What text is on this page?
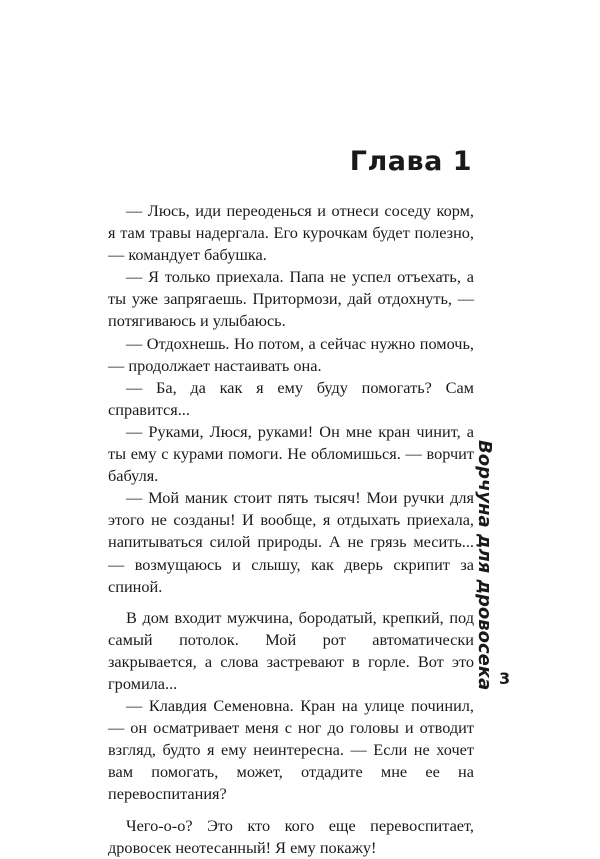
Глава 1

— Люсь, иди переоденься и отнеси соседу корм, я там травы надергала. Его курочкам будет полезно, — командует бабушка.

— Я только приехала. Папа не успел отъехать, а ты уже запрягаешь. Притормози, дай отдохнуть, — потягиваюсь и улыбаюсь.

— Отдохнешь. Но потом, а сейчас нужно помочь, — продолжает настаивать она.

— Ба, да как я ему буду помогать? Сам справится...

— Руками, Люся, руками! Он мне кран чинит, а ты ему с курами помоги. Не обломишься. — ворчит бабуля.

— Мой маник стоит пять тысяч! Мои ручки для этого не созданы! И вообще, я отдыхать приехала, напитываться силой природы. А не грязь месить... — возмущаюсь и слышу, как дверь скрипит за спиной.

В дом входит мужчина, бородатый, крепкий, под самый потолок. Мой рот автоматически закрывается, а слова застревают в горле. Вот это громила...

— Клавдия Семеновна. Кран на улице починил, — он осматривает меня с ног до головы и отводит взгляд, будто я ему неинтересна. — Если не хочет вам помогать, может, отдадите мне ее на перевоспитания?

Чего-о-о? Это кто кого еще перевоспитает, дровосек неотесанный! Я ему покажу!

Ворчуна для дровосека 3
